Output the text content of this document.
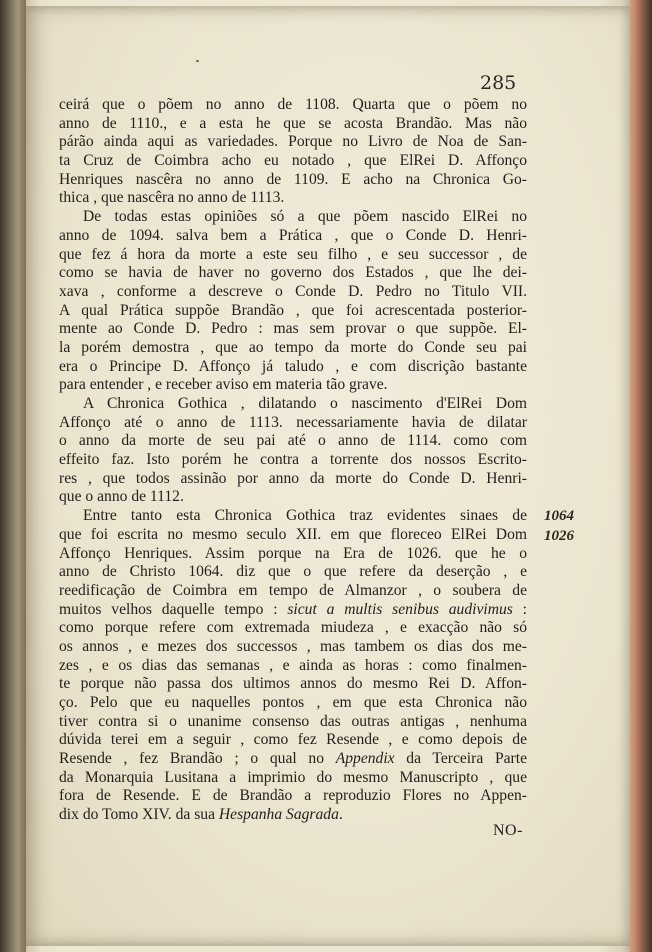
285
ceirá que o põem no anno de 1108. Quarta que o põem no
anno de 1110., e a esta he que se acosta Brandão. Mas não
párão ainda aqui as variedades. Porque no Livro de Noa de San-
ta Cruz de Coimbra acho eu notado , que ElRei D. Affonço
Henriques nascêra no anno de 1109. E acho na Chronica Go-
thica , que nascêra no anno de 1113.
De todas estas opiniões só a que põem nascido ElRei no
anno de 1094. salva bem a Prática , que o Conde D. Henri-
que fez á hora da morte a este seu filho , e seu successor , de
como se havia de haver no governo dos Estados , que lhe dei-
xava , conforme a descreve o Conde D. Pedro no Titulo VII.
A qual Prática suppõe Brandão , que foi acrescentada posterior-
mente ao Conde D. Pedro : mas sem provar o que suppõe. El-
la porém demostra , que ao tempo da morte do Conde seu pai
era o Principe D. Affonço já taludo , e com discrição bastante
para entender , e receber aviso em materia tão grave.
A Chronica Gothica , dilatando o nascimento d'ElRei Dom
Affonço até o anno de 1113. necessariamente havia de dilatar
o anno da morte de seu pai até o anno de 1114. como com
effeito faz. Isto porém he contra a torrente dos nossos Escrito-
res , que todos assinão por anno da morte do Conde D. Henri-
que o anno de 1112.
Entre tanto esta Chronica Gothica traz evidentes sinaes de
que foi escrita no mesmo seculo XII. em que floreceo ElRei Dom
Affonço Henriques. Assim porque na Era de 1026. que he o
anno de Christo 1064. diz que o que refere da deserção , e
reedificação de Coimbra em tempo de Almanzor , o soubera de
muitos velhos daquelle tempo : sicut a multis senibus audivimus :
como porque refere com extremada miudeza , e exacção não só
os annos , e mezes dos successos , mas tambem os dias dos me-
zes , e os dias das semanas , e ainda as horas : como finalmen-
te porque não passa dos ultimos annos do mesmo Rei D. Affon-
ço. Pelo que eu naquelles pontos , em que esta Chronica não
tiver contra si o unanime consenso das outras antigas , nenhuma
dúvida terei em a seguir , como fez Resende , e como depois de
Resende , fez Brandão ; o qual no Appendix da Terceira Parte
da Monarquia Lusitana a imprimio do mesmo Manuscripto , que
fora de Resende. E de Brandão a reproduzio Flores no Appen-
dix do Tomo XIV. da sua Hespanha Sagrada.
1064
1026
NO-
